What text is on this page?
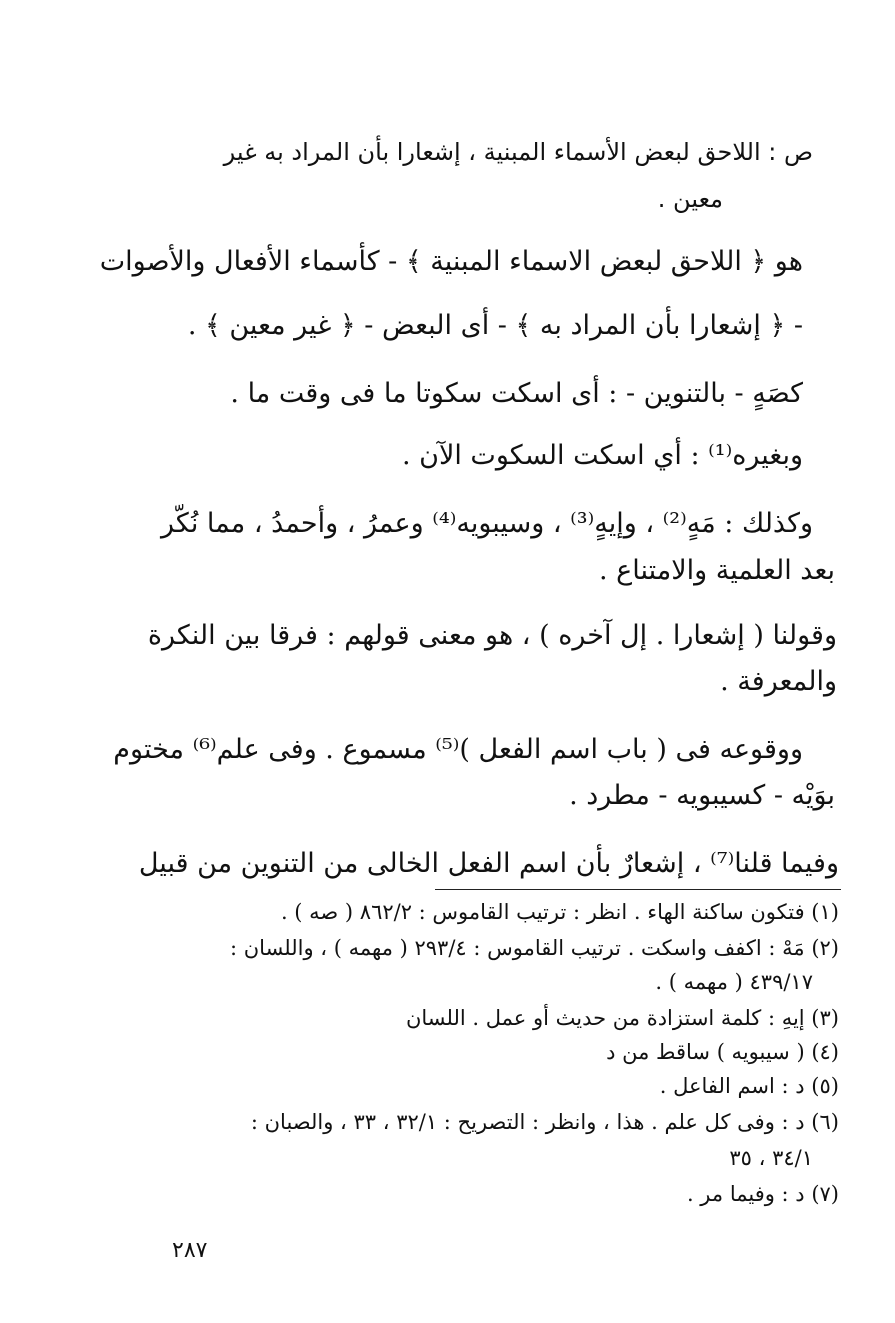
ص : اللاحق لبعض الأسماء المبنية ، إشعارا بأن المراد به غير
معين .
هو ﴿ اللاحق لبعض الاسماء المبنية ﴾ - كأسماء الأفعال والأصوات
- ﴿ إشعارا بأن المراد به ﴾ - أى البعض - ﴿ غير معين ﴾ .
كصَهٍ - بالتنوين - : أى اسكت سكوتا ما فى وقت ما .
وبغيره⁽¹⁾ : أي اسكت السكوت الآن .
وكذلك : مَهٍ⁽²⁾ ، وإيهٍ⁽³⁾ ، وسيبويه⁽⁴⁾ وعمرُ ، وأحمدُ ، مما نُكّر
بعد العلمية والامتناع .
وقولنا ( إشعارا . إل آخره ) ، هو معنى قولهم : فرقا بين النكرة
والمعرفة .
ووقوعه فى ( باب اسم الفعل )⁽⁵⁾ مسموع . وفى علم⁽⁶⁾ مختوم
بوَيْه - كسيبويه - مطرد .
وفيما قلنا⁽⁷⁾ ، إشعارٌ بأن اسم الفعل الخالى من التنوين من قبيل
(١) فتكون ساكنة الهاء . انظر : ترتيب القاموس : ٨٦٢/٢ ( صه ) .
(٢) مَهْ : اكفف واسكت . ترتيب القاموس : ٢٩٣/٤ ( مهمه ) ، واللسان :
٤٣٩/١٧ ( مهمه ) .
(٣) إيهِ : كلمة استزادة من حديث أو عمل . اللسان
(٤) ( سيبويه ) ساقط من د
(٥) د : اسم الفاعل .
(٦) د : وفى كل علم . هذا ، وانظر : التصريح : ٣٢/١ ، ٣٣ ، والصبان :
٣٤/١ ، ٣٥
(٧) د : وفيما مر .
٢٨٧
